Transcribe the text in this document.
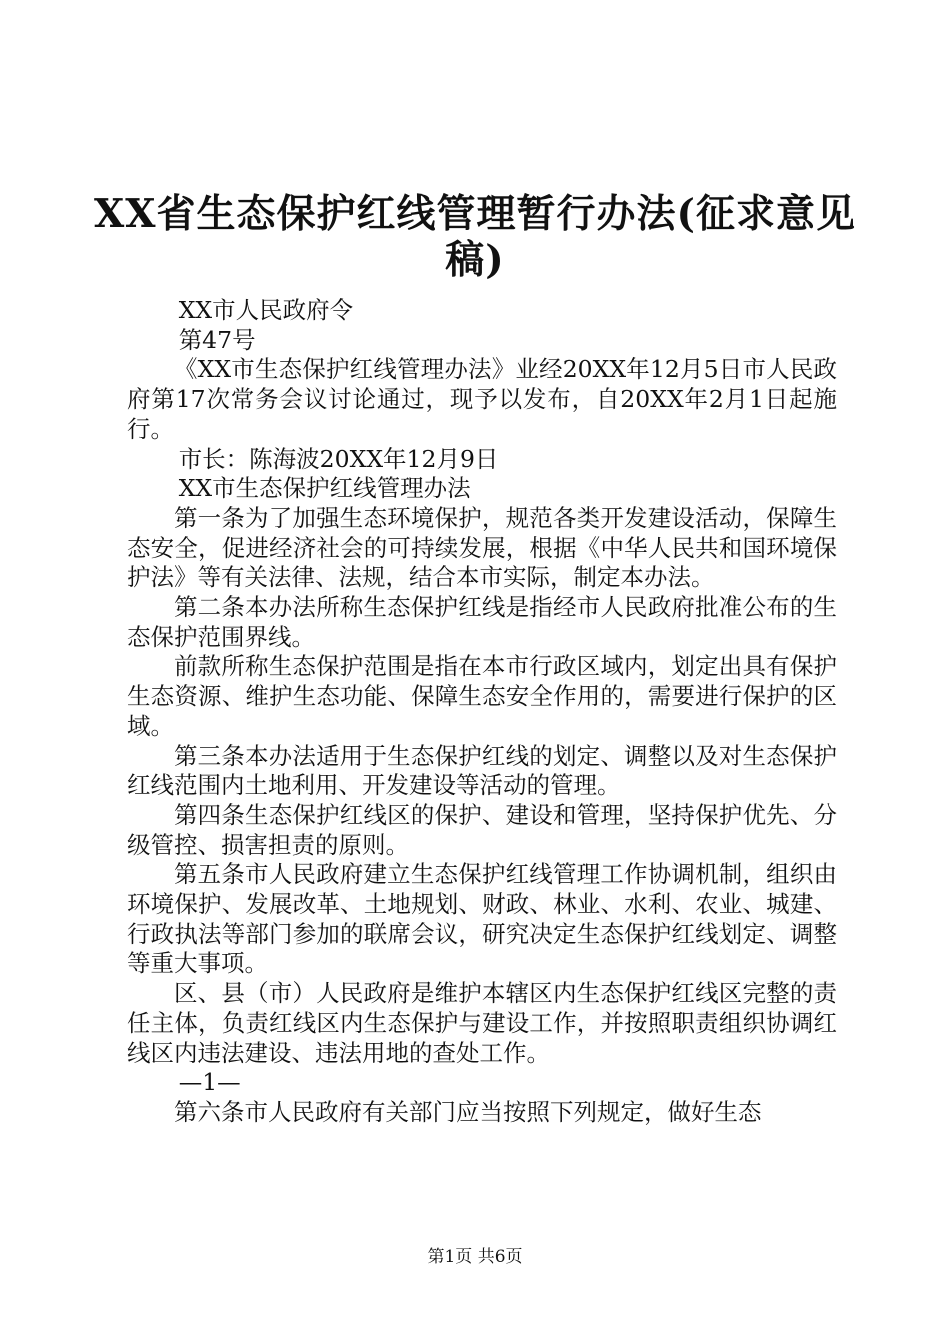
XX省生态保护红线管理暂行办法(征求意见
稿)

XX市人民政府令

第47号

《XX市生态保护红线管理办法》业经20XX年12月5日市人民政府第17次常务会议讨论通过，现予以发布，自20XX年2月1日起施行。

市长：陈海波20XX年12月9日

XX市生态保护红线管理办法

第一条为了加强生态环境保护，规范各类开发建设活动，保障生态安全，促进经济社会的可持续发展，根据《中华人民共和国环境保护法》等有关法律、法规，结合本市实际，制定本办法。

第二条本办法所称生态保护红线是指经市人民政府批准公布的生态保护范围界线。

前款所称生态保护范围是指在本市行政区域内，划定出具有保护生态资源、维护生态功能、保障生态安全作用的，需要进行保护的区域。

第三条本办法适用于生态保护红线的划定、调整以及对生态保护红线范围内土地利用、开发建设等活动的管理。

第四条生态保护红线区的保护、建设和管理，坚持保护优先、分级管控、损害担责的原则。

第五条市人民政府建立生态保护红线管理工作协调机制，组织由环境保护、发展改革、土地规划、财政、林业、水利、农业、城建、行政执法等部门参加的联席会议，研究决定生态保护红线划定、调整等重大事项。

区、县（市）人民政府是维护本辖区内生态保护红线区完整的责任主体，负责红线区内生态保护与建设工作，并按照职责组织协调红线区内违法建设、违法用地的查处工作。

—1—

第六条市人民政府有关部门应当按照下列规定，做好生态

第1页 共6页
